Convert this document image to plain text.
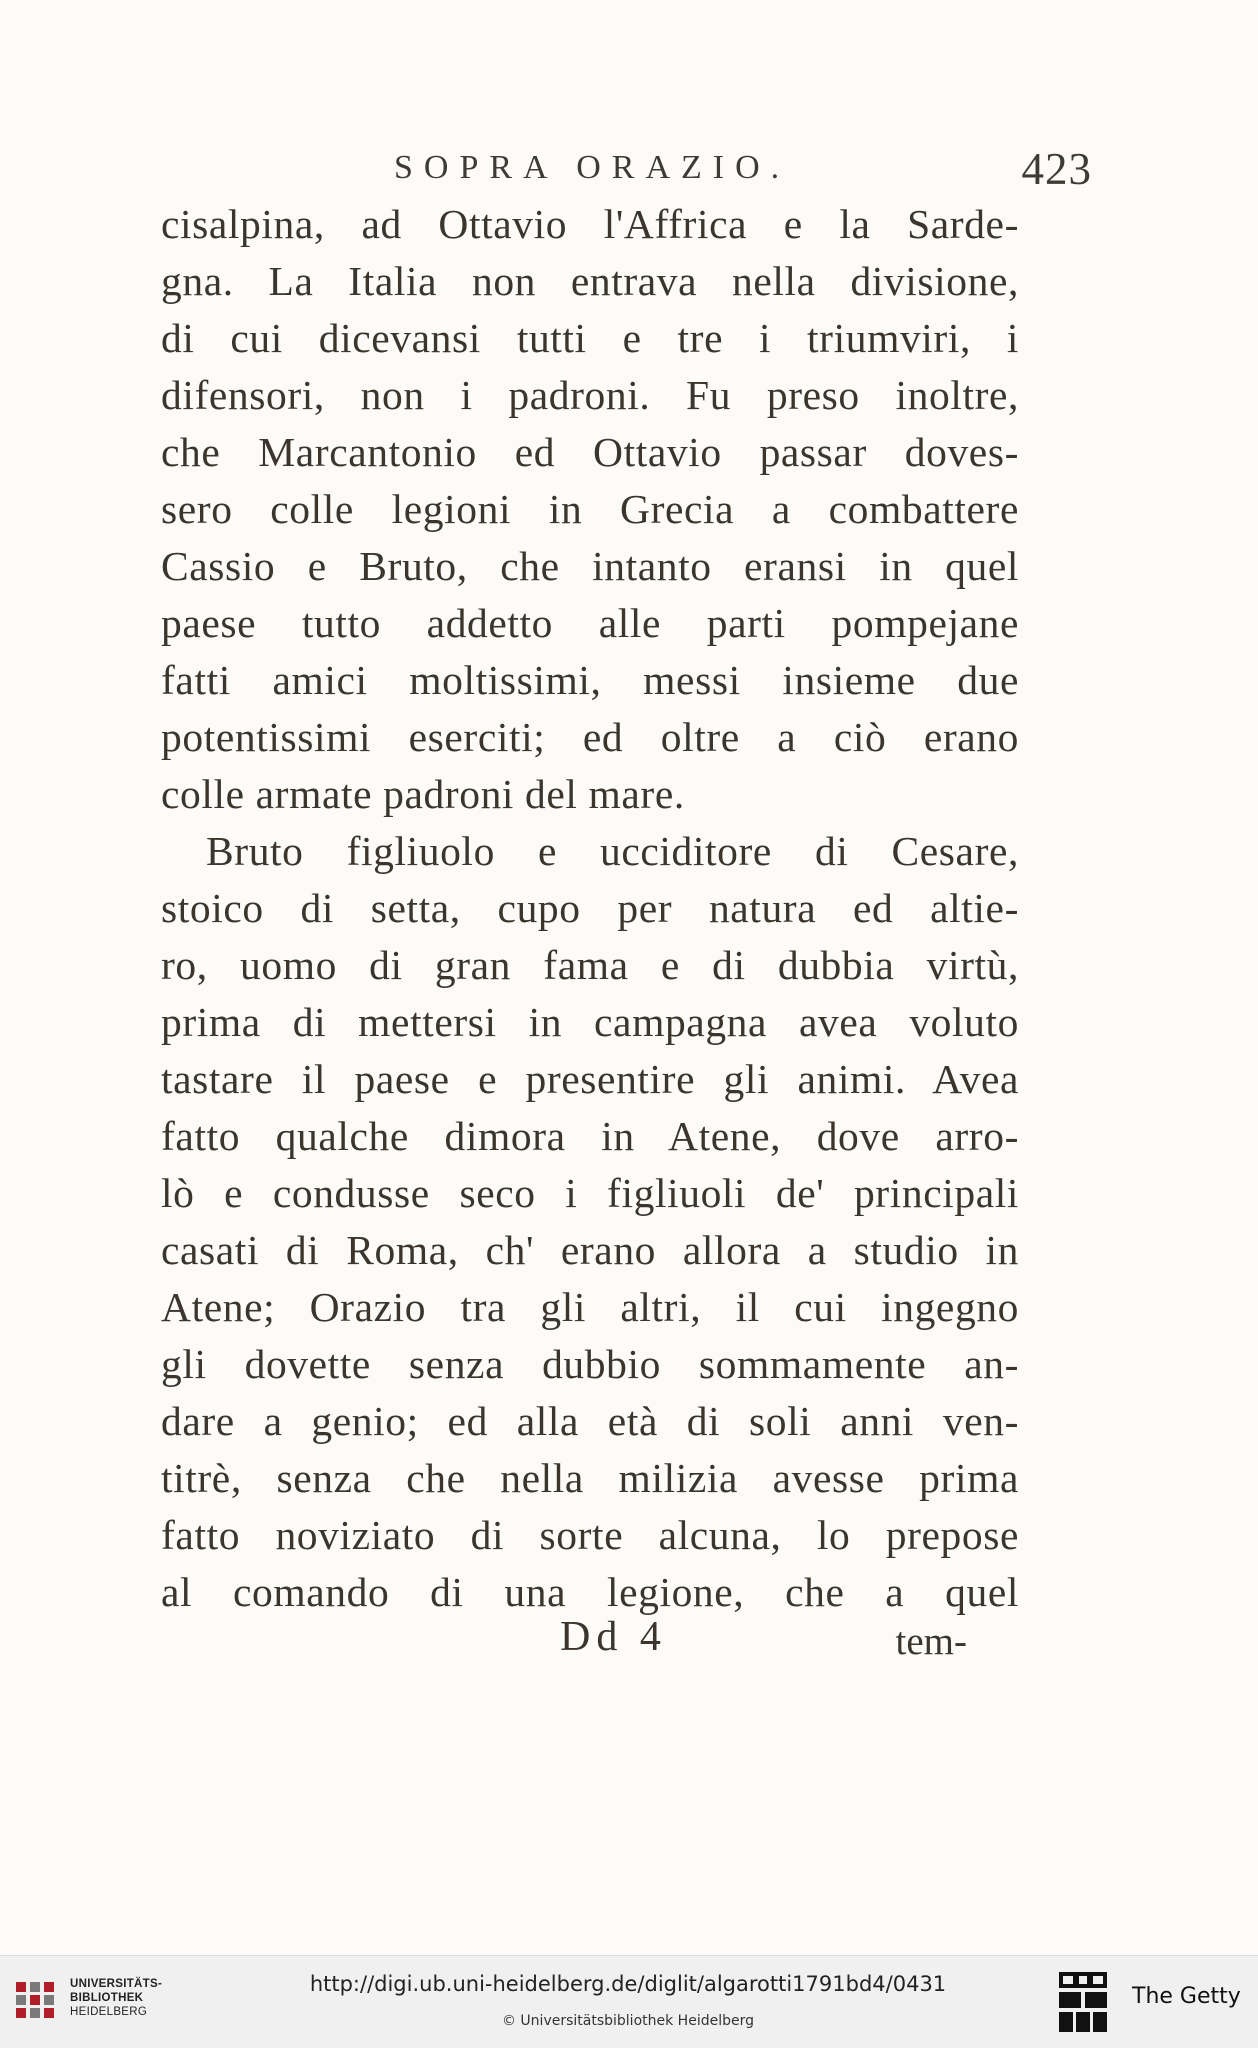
SOPRA ORAZIO.	423
cisalpina, ad Ottavio l'Affrica e la Sarde-
gna. La Italia non entrava nella divisione,
di cui dicevansi tutti e tre i triumviri, i
difensori, non i padroni. Fu preso inoltre,
che Marcantonio ed Ottavio passar doves-
sero colle legioni in Grecia a combattere
Cassio e Bruto, che intanto eransi in quel
paese tutto addetto alle parti pompejane
fatti amici moltissimi, messi insieme due
potentissimi eserciti; ed oltre a ciò erano
colle armate padroni del mare.
Bruto figliuolo e ucciditore di Cesare,
stoico di setta, cupo per natura ed altie-
ro, uomo di gran fama e di dubbia virtù,
prima di mettersi in campagna avea voluto
tastare il paese e presentire gli animi. Avea
fatto qualche dimora in Atene, dove arro-
lò e condusse seco i figliuoli de' principali
casati di Roma, ch' erano allora a studio in
Atene; Orazio tra gli altri, il cui ingegno
gli dovette senza dubbio sommamente an-
dare a genio; ed alla età di soli anni ven-
titrè, senza che nella milizia avesse prima
fatto noviziato di sorte alcuna, lo prepose
al comando di una legione, che a quel
Dd 4	tem-
UNIVERSITÄTS-
BIBLIOTHEK
HEIDELBERG
http://digi.ub.uni-heidelberg.de/diglit/algarotti1791bd4/0431
© Universitätsbibliothek Heidelberg
The Getty
